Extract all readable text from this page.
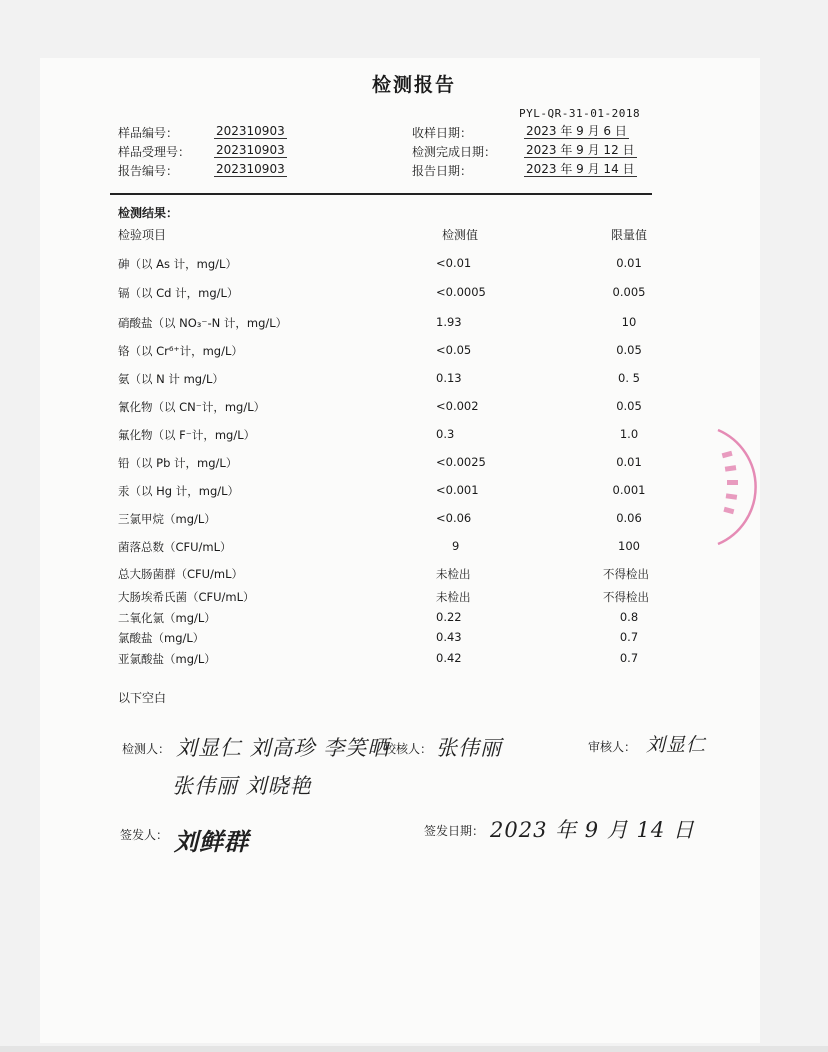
检测报告
PYL-QR-31-01-2018
样品编号：	20231090​3
样品受理号： 20231090​3
报告编号：	20231090​3
收样日期：	2023 年 9 月 6 日
检测完成日期： 2023 年 9 月 12 日
报告日期：	2023 年 9 月 14 日
检测结果：
检验项目	检测值	限量值
砷（以 As 计，mg/L）	<0.01	0.01
镉（以 Cd 计，mg/L）	<0.0005	0.005
硝酸盐（以 NO₃⁻-N 计，mg/L）	1.93	10
铬（以 Cr⁶⁺计，mg/L）	<0.05	0.05
氨（以 N 计 mg/L）	0.13	0. 5
氰化物（以 CN⁻计，mg/L）	<0.002	0.05
氟化物（以 F⁻计，mg/L）	0.3	1.0
铅（以 Pb 计，mg/L）	<0.0025	0.01
汞（以 Hg 计，mg/L）	<0.001	0.001
三氯甲烷（mg/L）	<0.06	0.06
菌落总数（CFU/mL）	9	100
总大肠菌群（CFU/mL）	未检出	不得检出
大肠埃希氏菌（CFU/mL）	未检出	不得检出
二氧化氯（mg/L）	0.22	0.8
氯酸盐（mg/L）	0.43	0.7
亚氯酸盐（mg/L）	0.42	0.7
以下空白
检测人： 刘显仁 刘高珍 李笑晒
校核人： 张伟丽	审核人： 刘显仁
张伟丽 刘晓艳
签发人： 刘鲜群	签发日期： 2023 年 9 月 14 日
